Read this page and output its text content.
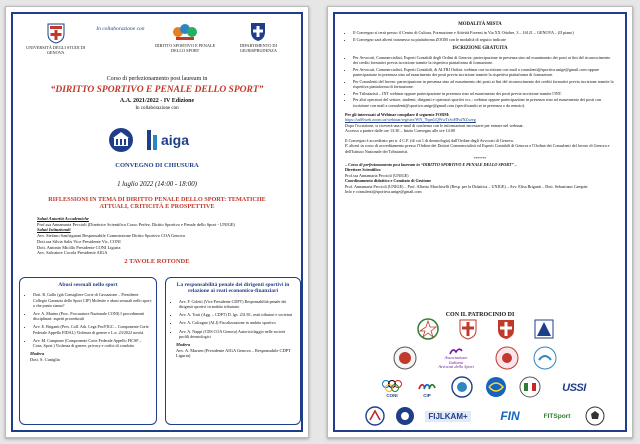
UNIVERSITÀ DEGLI STUDI DI GENOVA
In collaborazione con
DIRITTO SPORTIVO E PENALE DELLO SPORT
DIPARTIMENTO DI GIURISPRUDENZA
Corso di perfezionamento post lauream in
“DIRITTO SPORTIVO E PENALE DELLO SPORT”
A.A. 2021/2022 - IV Edizione
In collaborazione con
aiga
CONVEGNO DI CHIUSURA
1 luglio 2022 (14:00 - 18:00)
RIFLESSIONI IN TEMA DI DIRITTO PENALE DELLO SPORT: TEMATICHE ATTUALI, CRITICITÀ E PROSPETTIVE
Saluti Autorità Accademiche
Prof.ssa Annamaria Peccioli (Direttrice Scientifica Corso Perfez. Diritto Sportivo e Penale dello Sport - UNIGE)
Saluti Istituzionali
Avv. Stefano Sanfrignani Responsabile Commissione Diritto Sportivo COA Genova
Dott.ssa Silvia Salis Vice Presidente Vic. CONI
Dott. Antonio Micillo Presidente CONI Liguria
Avv. Salvatore Cocola Presidente AIGA
2 TAVOLE ROTONDE
Abusi sessuali nello sport
• Dott. R. Gallo (già Consigliere Corte di Cassazione – Presidente Collegio Garanzia dello Sport CIP) Molestie e abusi sessuali nello sport: a che punto siamo?
• Avv. A. Marino (Proc. Procuratore Nazionale CONI) I procedimenti disciplinari: aspetti procedurali
• Avv. E. Briganti (Pres. Coll. Arb. Lega Pro/FIGC – Componente Corte Federale Appello FIDAL) Violenza di genere e L.n. 23/2022 novità
• Avv. M. Campione (Componente Corte Federale Appello FICSF – Cons. Sport.) Violenza di genere, privacy e codici di condotta
Modera
Dott. S. Cuniglia
La responsabilità penale dei dirigenti sportivi in relazione ai reati economico-finanziari
• Avv. F. Coletti (Vice Presidente CDFT) Responsabilità penale dei dirigenti sportivi in ambito tributario
• Avv. A. Tosti (Agg. – CDPT) D. lgs. 231/01, reati tributari e societari
• Avv. A. Calcagno (ALI) Fiscalizzazione in ambito sportivo
• Avv. A. Nappi (CDS COA Genova) Autoriciclaggio nelle società profili deontologici
Modera
Avv. A. Marsen (Presidente AIGA Genova – Responsabile CDPT Liguria)
MODALITÀ MISTA
• Il Convegno si terrà presso il Centro di Cultura, Formazione e Attività Forensi in Via XX Ottobre, 3 – 16121 – GENOVA – (II piano)
• Il Convegno sarà altresì trasmesso su piattaforma ZOOM con le modalità di seguito indicate
ISCRIZIONE GRATUITA
• Per Avvocati, Commercialisti, Esperti Contabili degli Ordini di Genova: partecipazione in presenza sino ad esaurimento dei posti ai fini del riconoscimento dei crediti formativi previa iscrizione tramite la rispettiva piattaforma di formazione.
• Per Avvocati, Commercialisti, Esperti Contabili, di ALTRI Ordini: webinar con iscrizione con mail a consulenti@sportiva.unige@gmail.com oppure partecipazione in presenza sino ad esaurimento dei posti previa iscrizione tramite la rispettiva piattaforma di formazione.
• Per Consulenti del lavoro: partecipazione in presenza sino ad esaurimento dei posti ai fini del riconoscimento dei crediti formativi previa iscrizione tramite la rispettiva piattaforma di formazione.
• Per Tributaristi – INT webinar oppure partecipazione in presenza sino ad esaurimento dei posti previa iscrizione tramite l'INT.
• Per altri operatori del settore, studenti, dirigenti e operatori sportivi ecc.: webinar oppure partecipazione in presenza sino ad esaurimento dei posti con iscrizione con mail a consulenti@sportiva.unige@gmail.com (specificando se in presenza o da remoto).
Per gli interessati al Webinar compilare il seguente FORM:
https://us06web.zoom.us/webinar/register/WN_7hpnGQWwTsSoHFaJNZxzeg
Dopo l'iscrizione, si riceverà una e-mail di conferma con le informazioni necessarie per entrare nel webinar.
Accesso a partire dalle ore 13:30 – Inizio Convegno alle ore 14:00
Il Convegno è accreditato per n. 4 C.F. (di cui 1 di deontologia) dall'Ordine degli Avvocati di Genova.
E' altresì in corso di accreditamento presso l'Ordine dei Dottori Commercialisti ed Esperti Contabili di Genova e l'Ordine dei Consulenti del lavoro di Genova e dell'Istituto Nazionale dei Tributaristi.
******
– Corso di perfezionamento post lauream in “DIRITTO SPORTIVO E PENALE DELLO SPORT” –
Direttore Scientifico
Prof.ssa Annamaria Peccioli (UNIGE)
Coordinamento didattico e Comitato di Gestione
Prof. Annamaria Peccioli (UNIGE) – Prof. Alberto Marchiselli (Resp. per la Didattica – UNIGE) – Avv. Elisa Briganti – Dott. Sebastiano Campisi
Info e consulenti@sportiva.unige@gmail.com
CON IL PATROCINIO DI
Associazione
Italiana
Avvocati dello Sport
CONI	CIP
USSI
FIJLKAM+	FIN	FITSport
